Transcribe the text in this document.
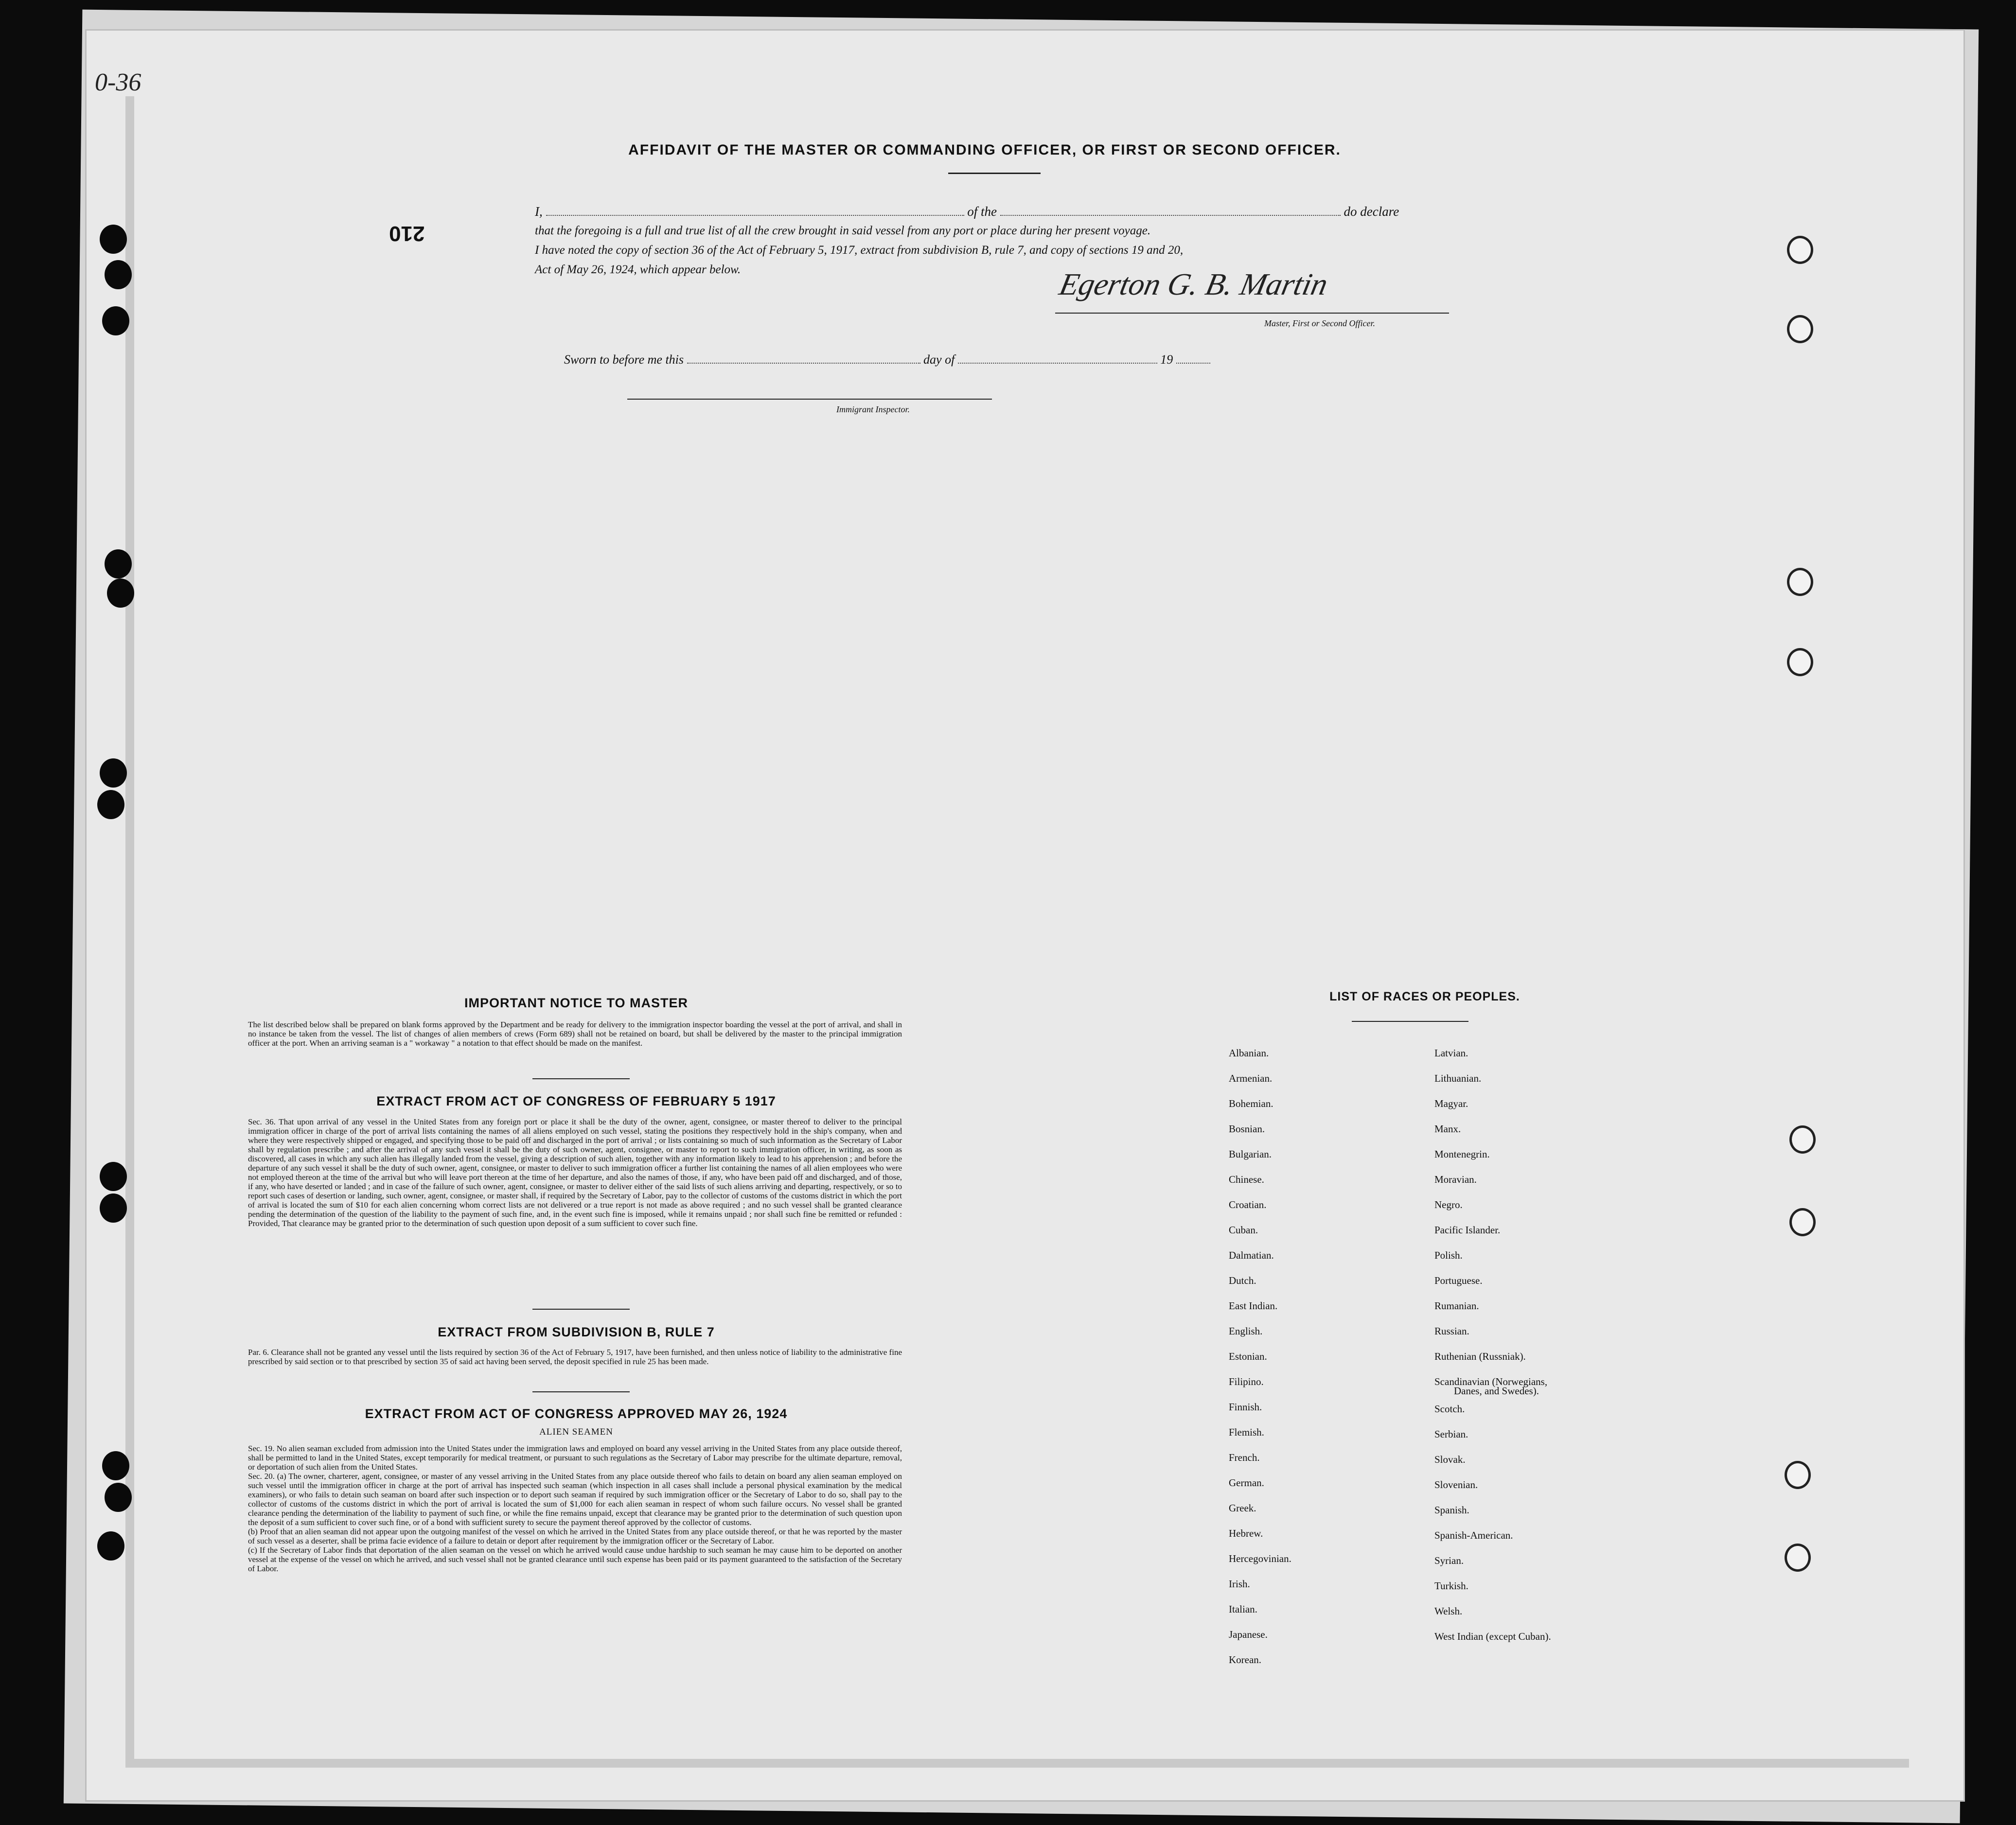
0-36
AFFIDAVIT OF THE MASTER OR COMMANDING OFFICER, OR FIRST OR SECOND OFFICER.
210
I,	of the	do declare
that the foregoing is a full and true list of all the crew brought in said vessel from any port or place during her present voyage.
I have noted the copy of section 36 of the Act of February 5, 1917, extract from subdivision B, rule 7, and copy of sections 19 and 20,
Act of May 26, 1924, which appear below.	Egerton G. B. Martin
Master, First or Second Officer.
Sworn to before me this	day of	19
Immigrant Inspector.

IMPORTANT NOTICE TO MASTER
The list described below shall be prepared on blank forms approved by the Department and be ready for delivery to the immigration inspector boarding the vessel at the port of arrival, and shall in no instance be taken from the vessel. The list of changes of alien members of crews (Form 689) shall not be retained on board, but shall be delivered by the master to the principal immigration officer at the port. When an arriving seaman is a " workaway " a notation to that effect should be made on the manifest.
EXTRACT FROM ACT OF CONGRESS OF FEBRUARY 5 1917
Sec. 36. That upon arrival of any vessel in the United States from any foreign port or place it shall be the duty of the owner, agent, consignee, or master thereof to deliver to the principal immigration officer in charge of the port of arrival lists containing the names of all aliens employed on such vessel, stating the positions they respectively hold in the ship's company, when and where they were respectively shipped or engaged, and specifying those to be paid off and discharged in the port of arrival ; or lists containing so much of such information as the Secretary of Labor shall by regulation prescribe ; and after the arrival of any such vessel it shall be the duty of such owner, agent, consignee, or master to report to such immigration officer, in writing, as soon as discovered, all cases in which any such alien has illegally landed from the vessel, giving a description of such alien, together with any information likely to lead to his apprehension ; and before the departure of any such vessel it shall be the duty of such owner, agent, consignee, or master to deliver to such immigration officer a further list containing the names of all alien employees who were not employed thereon at the time of the arrival but who will leave port thereon at the time of her departure, and also the names of those, if any, who have been paid off and discharged, and of those, if any, who have deserted or landed ; and in case of the failure of such owner, agent, consignee, or master to deliver either of the said lists of such aliens arriving and departing, respectively, or so to report such cases of desertion or landing, such owner, agent, consignee, or master shall, if required by the Secretary of Labor, pay to the collector of customs of the customs district in which the port of arrival is located the sum of $10 for each alien concerning whom correct lists are not delivered or a true report is not made as above required ; and no such vessel shall be granted clearance pending the determination of the question of the liability to the payment of such fine, and, in the event such fine is imposed, while it remains unpaid ; nor shall such fine be remitted or refunded : Provided, That clearance may be granted prior to the determination of such question upon deposit of a sum sufficient to cover such fine.
EXTRACT FROM SUBDIVISION B, RULE 7
Par. 6. Clearance shall not be granted any vessel until the lists required by section 36 of the Act of February 5, 1917, have been furnished, and then unless notice of liability to the administrative fine prescribed by said section or to that prescribed by section 35 of said act having been served, the deposit specified in rule 25 has been made.
EXTRACT FROM ACT OF CONGRESS APPROVED MAY 26, 1924
ALIEN SEAMEN
Sec. 19. No alien seaman excluded from admission into the United States under the immigration laws and employed on board any vessel arriving in the United States from any place outside thereof, shall be permitted to land in the United States, except temporarily for medical treatment, or pursuant to such regulations as the Secretary of Labor may prescribe for the ultimate departure, removal, or deportation of such alien from the United States.
Sec. 20. (a) The owner, charterer, agent, consignee, or master of any vessel arriving in the United States from any place outside thereof who fails to detain on board any alien seaman employed on such vessel until the immigration officer in charge at the port of arrival has inspected such seaman (which inspection in all cases shall include a personal physical examination by the medical examiners), or who fails to detain such seaman on board after such inspection or to deport such seaman if required by such immigration officer or the Secretary of Labor to do so, shall pay to the collector of customs of the customs district in which the port of arrival is located the sum of $1,000 for each alien seaman in respect of whom such failure occurs. No vessel shall be granted clearance pending the determination of the liability to payment of such fine, or while the fine remains unpaid, except that clearance may be granted prior to the determination of such question upon the deposit of a sum sufficient to cover such fine, or of a bond with sufficient surety to secure the payment thereof approved by the collector of customs.
(b) Proof that an alien seaman did not appear upon the outgoing manifest of the vessel on which he arrived in the United States from any place outside thereof, or that he was reported by the master of such vessel as a deserter, shall be prima facie evidence of a failure to detain or deport after requirement by the immigration officer or the Secretary of Labor.
(c) If the Secretary of Labor finds that deportation of the alien seaman on the vessel on which he arrived would cause undue hardship to such seaman he may cause him to be deported on another vessel at the expense of the vessel on which he arrived, and such vessel shall not be granted clearance until such expense has been paid or its payment guaranteed to the satisfaction of the Secretary of Labor.
LIST OF RACES OR PEOPLES.
Albanian.
Armenian.
Bohemian.
Bosnian.
Bulgarian.
Chinese.
Croatian.
Cuban.
Dalmatian.
Dutch.
East Indian.
English.
Estonian.
Filipino.
Finnish.
Flemish.
French.
German.
Greek.
Hebrew.
Hercegovinian.
Irish.
Italian.
Japanese.
Korean.
Latvian.
Lithuanian.
Magyar.
Manx.
Montenegrin.
Moravian.
Negro.
Pacific Islander.
Polish.
Portuguese.
Rumanian.
Russian.
Ruthenian (Russniak).
Scandinavian (Norwegians,
Danes, and Swedes).
Scotch.
Serbian.
Slovak.
Slovenian.
Spanish.
Spanish-American.
Syrian.
Turkish.
Welsh.
West Indian (except Cuban).
